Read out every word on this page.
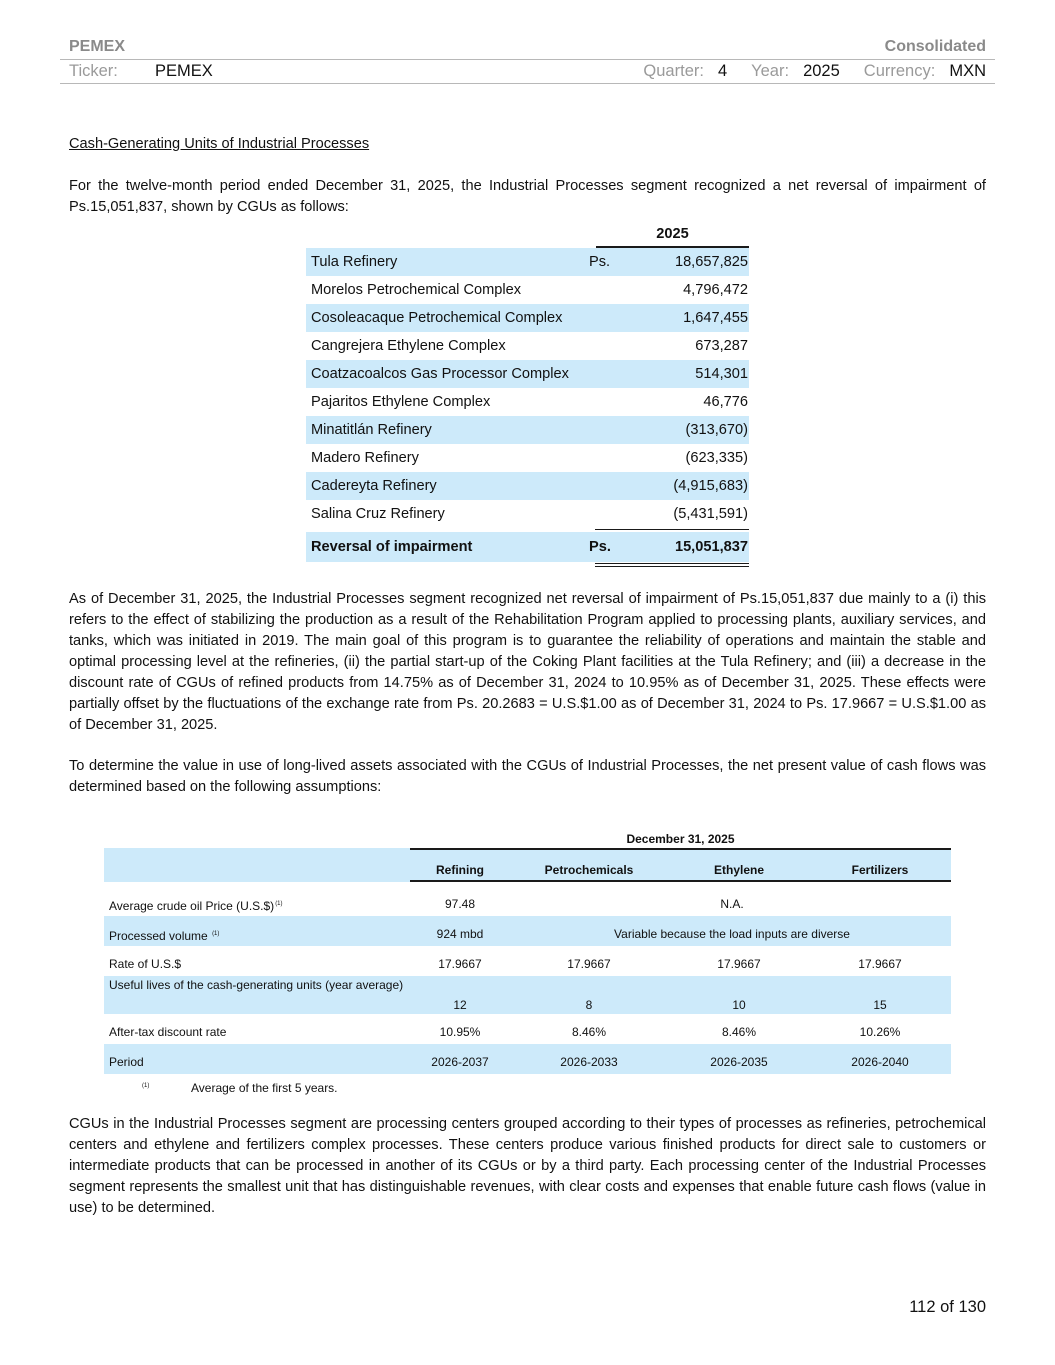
PEMEX	Consolidated
Ticker:	PEMEX	Quarter: 4 Year: 2025 Currency: MXN
Cash-Generating Units of Industrial Processes

For the twelve-month period ended December 31, 2025, the Industrial Processes segment recognized a net reversal of impairment of Ps.15,051,837, shown by CGUs as follows:

2025
Tula Refinery	Ps.	18,657,825
Morelos Petrochemical Complex	4,796,472
Cosoleacaque Petrochemical Complex	1,647,455
Cangrejera Ethylene Complex	673,287
Coatzacoalcos Gas Processor Complex	514,301
Pajaritos Ethylene Complex	46,776
Minatitlán Refinery	(313,670)
Madero Refinery	(623,335)
Cadereyta Refinery	(4,915,683)
Salina Cruz Refinery	(5,431,591)
Reversal of impairment	Ps.	15,051,837

As of December 31, 2025, the Industrial Processes segment recognized net reversal of impairment of Ps.15,051,837 due mainly to a (i) this refers to the effect of stabilizing the production as a result of the Rehabilitation Program applied to processing plants, auxiliary services, and tanks, which was initiated in 2019. The main goal of this program is to guarantee the reliability of operations and maintain the stable and optimal processing level at the refineries, (ii) the partial start-up of the Coking Plant facilities at the Tula Refinery; and (iii) a decrease in the discount rate of CGUs of refined products from 14.75% as of December 31, 2024 to 10.95% as of December 31, 2025. These effects were partially offset by the fluctuations of the exchange rate from Ps. 20.2683 = U.S.$1.00 as of December 31, 2024 to Ps. 17.9667 = U.S.$1.00 as of December 31, 2025.

To determine the value in use of long-lived assets associated with the CGUs of Industrial Processes, the net present value of cash flows was determined based on the following assumptions:

December 31, 2025
Refining	Petrochemicals	Ethylene	Fertilizers
Average crude oil Price (U.S.$)$^{(1)}$	97.48	N.A.
Processed volume $^{(1)}$	924 mbd	Variable because the load inputs are diverse
Rate of U.S.$	17.9667	17.9667	17.9667	17.9667
Useful lives of the cash-generating units (year average)
12	8	10	15
After-tax discount rate	10.95%	8.46%	8.46%	10.26%
Period	2026-2037	2026-2033	2026-2035	2026-2040
(1)	Average of the first 5 years.

CGUs in the Industrial Processes segment are processing centers grouped according to their types of processes as refineries, petrochemical centers and ethylene and fertilizers complex processes. These centers produce various finished products for direct sale to customers or intermediate products that can be processed in another of its CGUs or by a third party. Each processing center of the Industrial Processes segment represents the smallest unit that has distinguishable revenues, with clear costs and expenses that enable future cash flows (value in use) to be determined.

112 of 130
